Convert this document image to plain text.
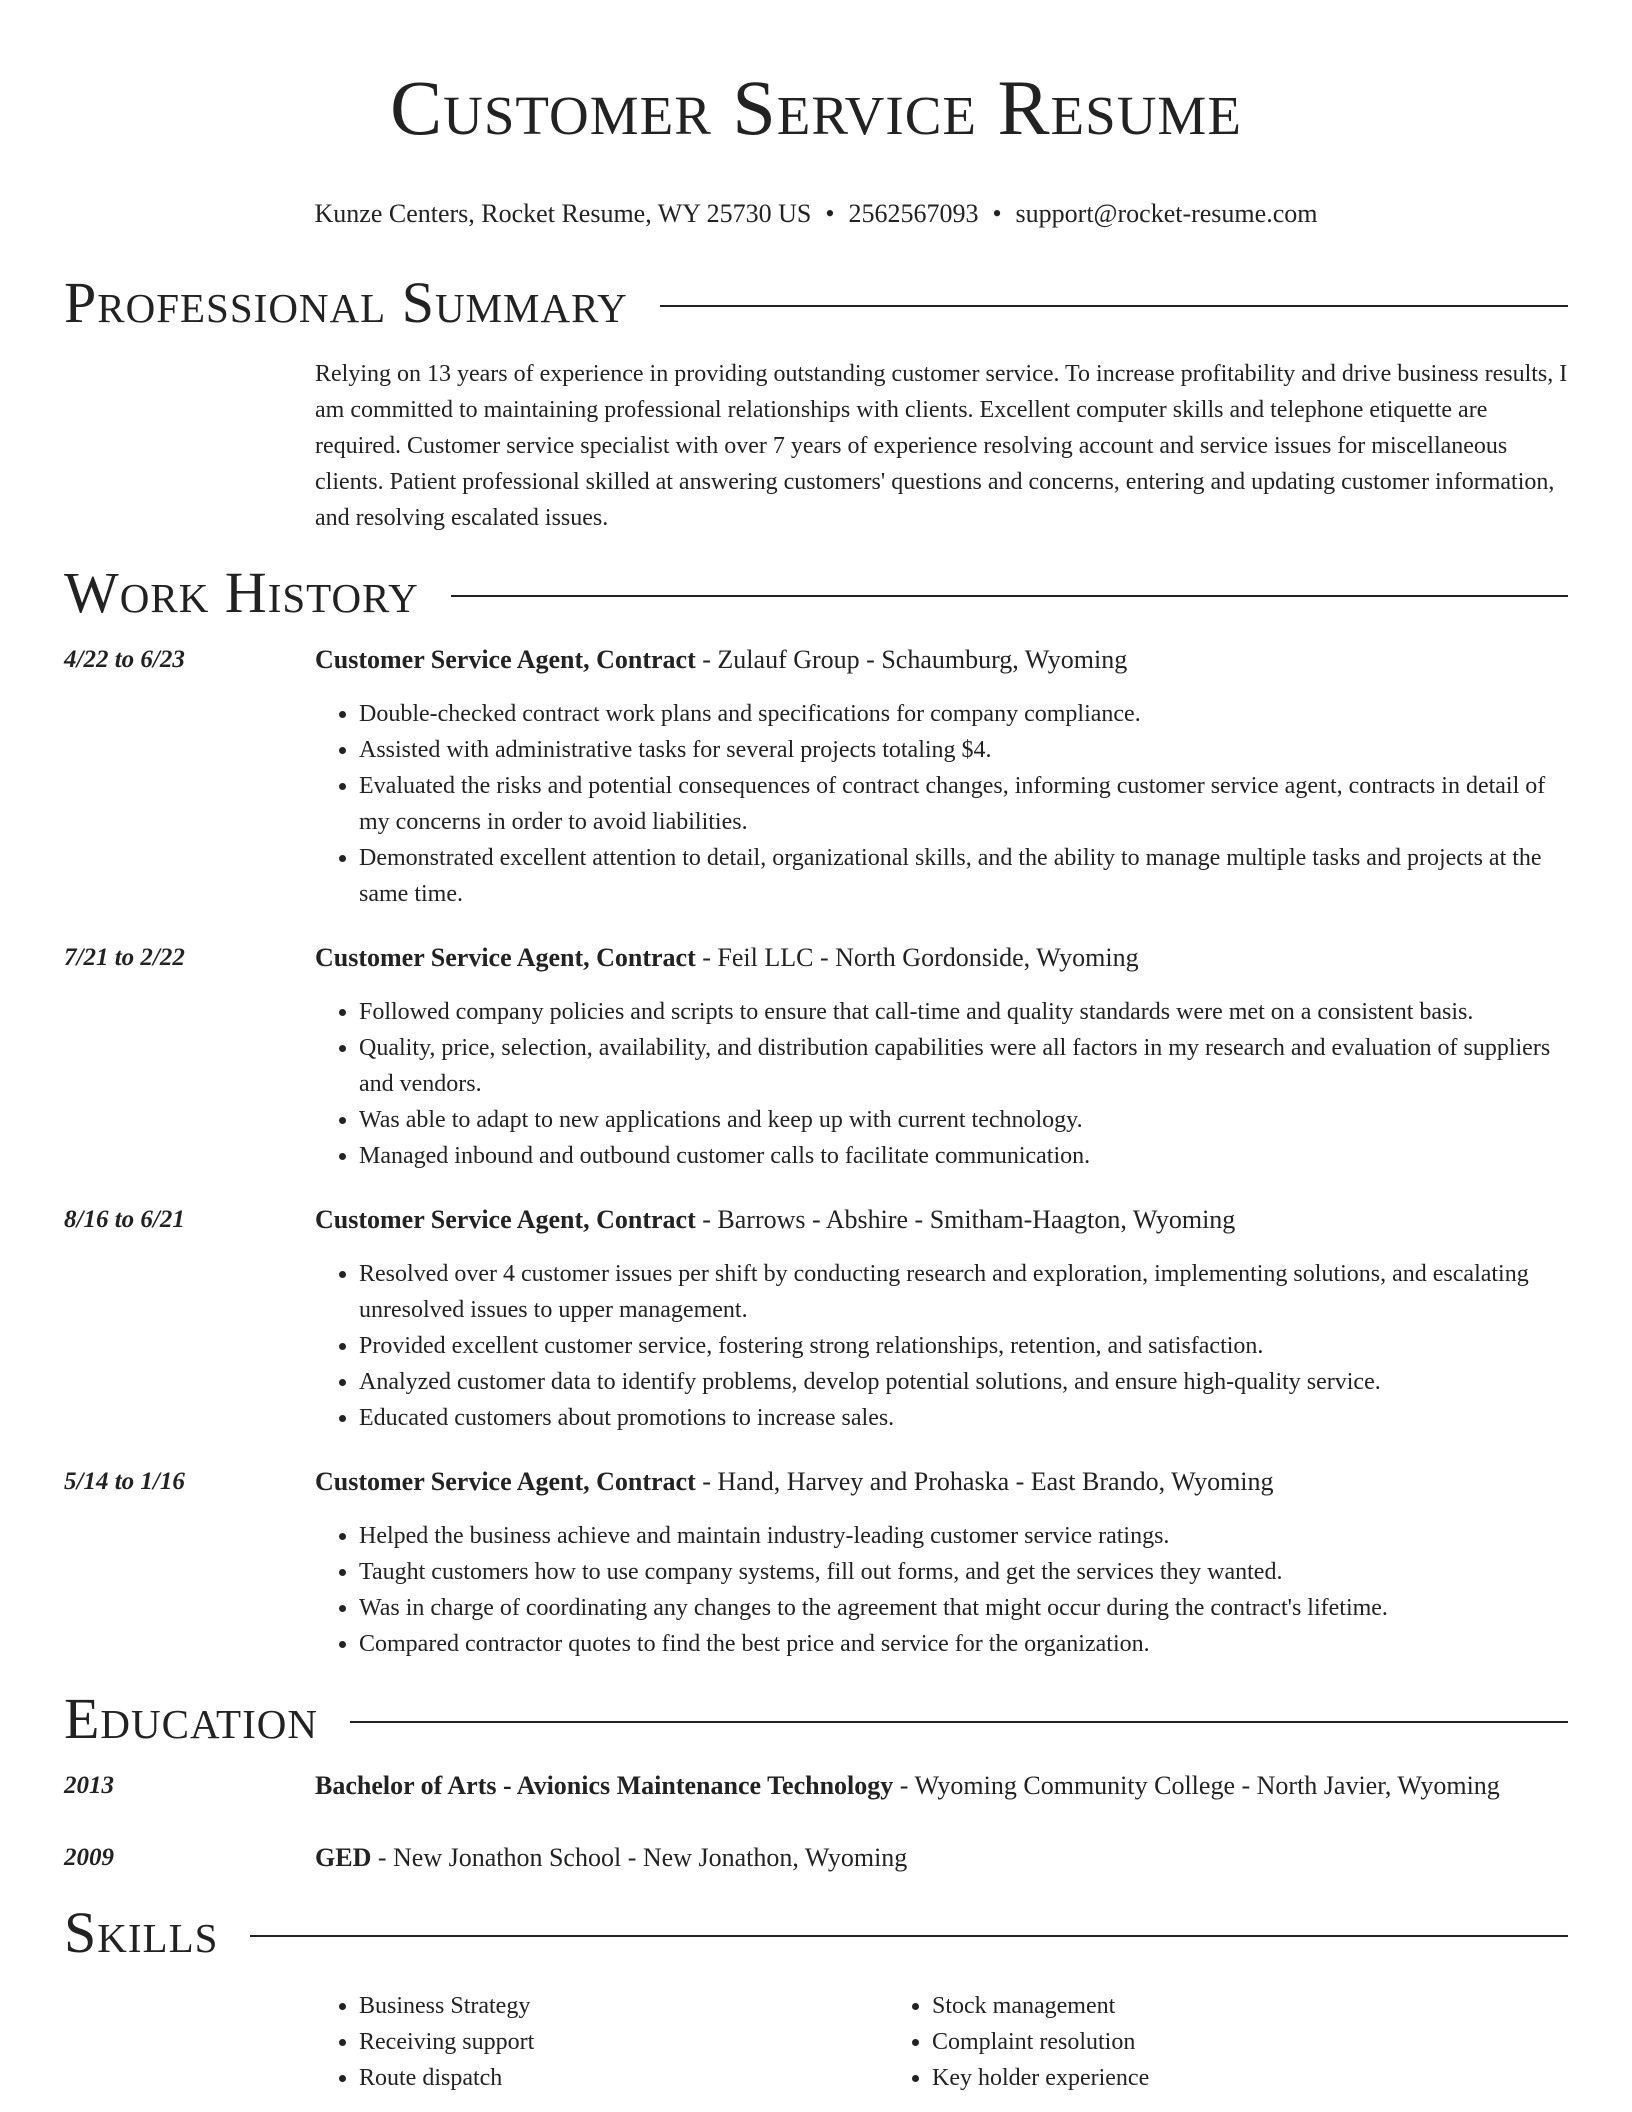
Customer Service Resume
Kunze Centers, Rocket Resume, WY 25730 US • 2562567093 • support@rocket-resume.com
Professional Summary
Relying on 13 years of experience in providing outstanding customer service. To increase profitability and drive business results, I am committed to maintaining professional relationships with clients. Excellent computer skills and telephone etiquette are required. Customer service specialist with over 7 years of experience resolving account and service issues for miscellaneous clients. Patient professional skilled at answering customers' questions and concerns, entering and updating customer information, and resolving escalated issues.
Work History
4/22 to 6/23	Customer Service Agent, Contract - Zulauf Group - Schaumburg, Wyoming
• Double-checked contract work plans and specifications for company compliance.
• Assisted with administrative tasks for several projects totaling $4.
• Evaluated the risks and potential consequences of contract changes, informing customer service agent, contracts in detail of my concerns in order to avoid liabilities.
• Demonstrated excellent attention to detail, organizational skills, and the ability to manage multiple tasks and projects at the same time.
7/21 to 2/22	Customer Service Agent, Contract - Feil LLC - North Gordonside, Wyoming
• Followed company policies and scripts to ensure that call-time and quality standards were met on a consistent basis.
• Quality, price, selection, availability, and distribution capabilities were all factors in my research and evaluation of suppliers and vendors.
• Was able to adapt to new applications and keep up with current technology.
• Managed inbound and outbound customer calls to facilitate communication.
8/16 to 6/21	Customer Service Agent, Contract - Barrows - Abshire - Smitham-Haagton, Wyoming
• Resolved over 4 customer issues per shift by conducting research and exploration, implementing solutions, and escalating unresolved issues to upper management.
• Provided excellent customer service, fostering strong relationships, retention, and satisfaction.
• Analyzed customer data to identify problems, develop potential solutions, and ensure high-quality service.
• Educated customers about promotions to increase sales.
5/14 to 1/16	Customer Service Agent, Contract - Hand, Harvey and Prohaska - East Brando, Wyoming
• Helped the business achieve and maintain industry-leading customer service ratings.
• Taught customers how to use company systems, fill out forms, and get the services they wanted.
• Was in charge of coordinating any changes to the agreement that might occur during the contract's lifetime.
• Compared contractor quotes to find the best price and service for the organization.
Education
2013	Bachelor of Arts - Avionics Maintenance Technology - Wyoming Community College - North Javier, Wyoming
2009	GED - New Jonathon School - New Jonathon, Wyoming
Skills
• Business Strategy
• Receiving support
• Route dispatch
• Stock management
• Complaint resolution
• Key holder experience
